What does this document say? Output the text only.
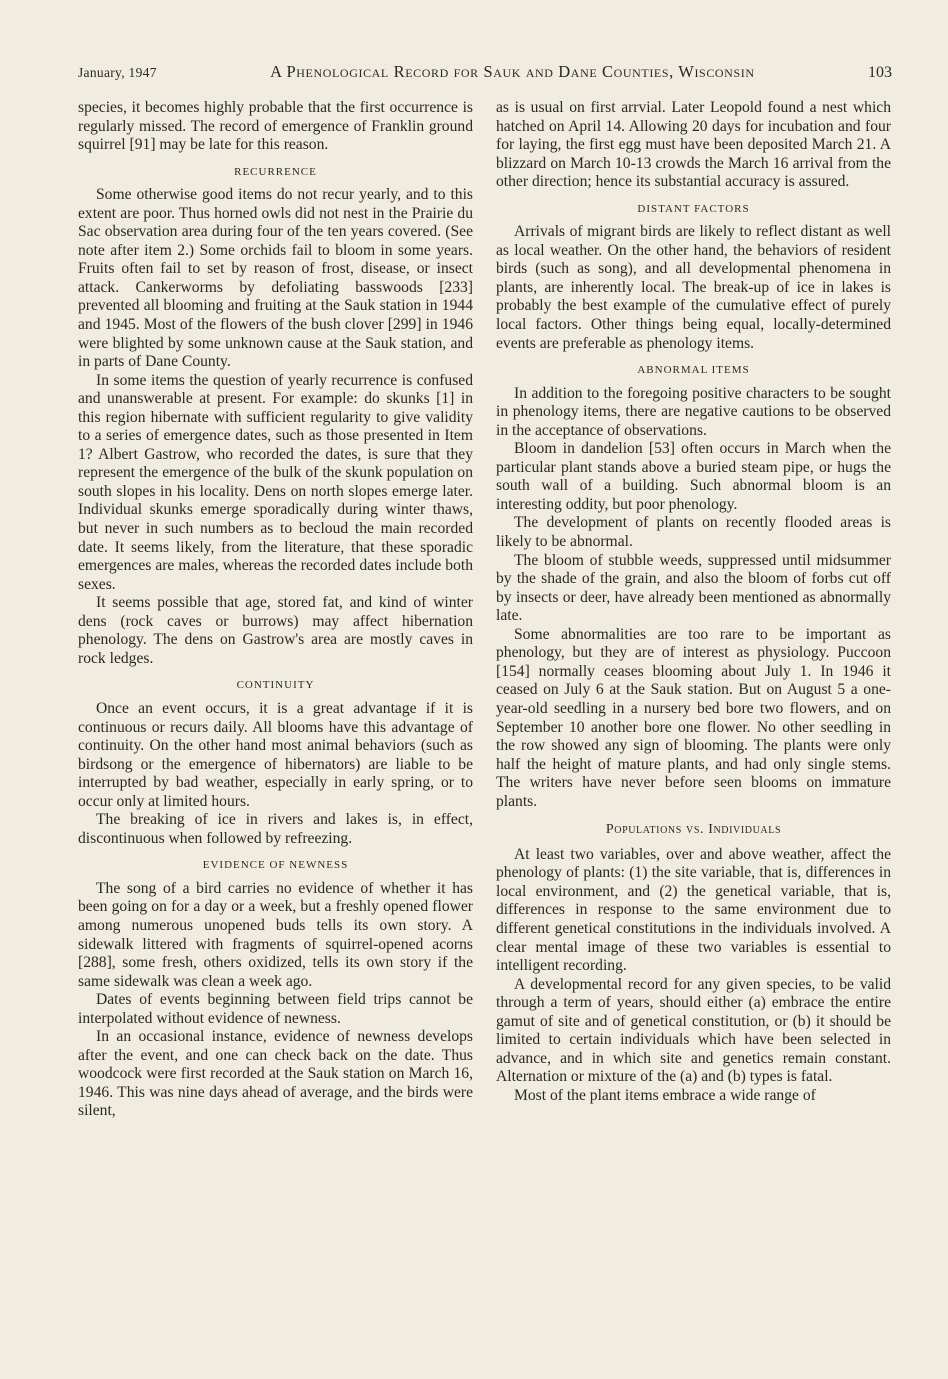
January, 1947	A Phenological Record for Sauk and Dane Counties, Wisconsin	103

species, it becomes highly probable that the first occurrence is regularly missed. The record of emergence of Franklin ground squirrel [91] may be late for this reason.

RECURRENCE

Some otherwise good items do not recur yearly, and to this extent are poor. Thus horned owls did not nest in the Prairie du Sac observation area during four of the ten years covered. (See note after item 2.) Some orchids fail to bloom in some years. Fruits often fail to set by reason of frost, disease, or insect attack. Cankerworms by defoliating basswoods [233] prevented all blooming and fruiting at the Sauk station in 1944 and 1945. Most of the flowers of the bush clover [299] in 1946 were blighted by some unknown cause at the Sauk station, and in parts of Dane County.

In some items the question of yearly recurrence is confused and unanswerable at present. For example: do skunks [1] in this region hibernate with sufficient regularity to give validity to a series of emergence dates, such as those presented in Item 1? Albert Gastrow, who recorded the dates, is sure that they represent the emergence of the bulk of the skunk population on south slopes in his locality. Dens on north slopes emerge later. Individual skunks emerge sporadically during winter thaws, but never in such numbers as to becloud the main recorded date. It seems likely, from the literature, that these sporadic emergences are males, whereas the recorded dates include both sexes.

It seems possible that age, stored fat, and kind of winter dens (rock caves or burrows) may affect hibernation phenology. The dens on Gastrow's area are mostly caves in rock ledges.

CONTINUITY

Once an event occurs, it is a great advantage if it is continuous or recurs daily. All blooms have this advantage of continuity. On the other hand most animal behaviors (such as birdsong or the emergence of hibernators) are liable to be interrupted by bad weather, especially in early spring, or to occur only at limited hours.

The breaking of ice in rivers and lakes is, in effect, discontinuous when followed by refreezing.

EVIDENCE OF NEWNESS

The song of a bird carries no evidence of whether it has been going on for a day or a week, but a freshly opened flower among numerous unopened buds tells its own story. A sidewalk littered with fragments of squirrel-opened acorns [288], some fresh, others oxidized, tells its own story if the same sidewalk was clean a week ago.

Dates of events beginning between field trips cannot be interpolated without evidence of newness.

In an occasional instance, evidence of newness develops after the event, and one can check back on the date. Thus woodcock were first recorded at the Sauk station on March 16, 1946. This was nine days ahead of average, and the birds were silent,

as is usual on first arrvial. Later Leopold found a nest which hatched on April 14. Allowing 20 days for incubation and four for laying, the first egg must have been deposited March 21. A blizzard on March 10-13 crowds the March 16 arrival from the other direction; hence its substantial accuracy is assured.

DISTANT FACTORS

Arrivals of migrant birds are likely to reflect distant as well as local weather. On the other hand, the behaviors of resident birds (such as song), and all developmental phenomena in plants, are inherently local. The break-up of ice in lakes is probably the best example of the cumulative effect of purely local factors. Other things being equal, locally-determined events are preferable as phenology items.

ABNORMAL ITEMS

In addition to the foregoing positive characters to be sought in phenology items, there are negative cautions to be observed in the acceptance of observations.

Bloom in dandelion [53] often occurs in March when the particular plant stands above a buried steam pipe, or hugs the south wall of a building. Such abnormal bloom is an interesting oddity, but poor phenology.

The development of plants on recently flooded areas is likely to be abnormal.

The bloom of stubble weeds, suppressed until midsummer by the shade of the grain, and also the bloom of forbs cut off by insects or deer, have already been mentioned as abnormally late.

Some abnormalities are too rare to be important as phenology, but they are of interest as physiology. Puccoon [154] normally ceases blooming about July 1. In 1946 it ceased on July 6 at the Sauk station. But on August 5 a one-year-old seedling in a nursery bed bore two flowers, and on September 10 another bore one flower. No other seedling in the row showed any sign of blooming. The plants were only half the height of mature plants, and had only single stems. The writers have never before seen blooms on immature plants.

Populations vs. Individuals

At least two variables, over and above weather, affect the phenology of plants: (1) the site variable, that is, differences in local environment, and (2) the genetical variable, that is, differences in response to the same environment due to different genetical constitutions in the individuals involved. A clear mental image of these two variables is essential to intelligent recording.

A developmental record for any given species, to be valid through a term of years, should either (a) embrace the entire gamut of site and of genetical constitution, or (b) it should be limited to certain individuals which have been selected in advance, and in which site and genetics remain constant. Alternation or mixture of the (a) and (b) types is fatal.

Most of the plant items embrace a wide range of
